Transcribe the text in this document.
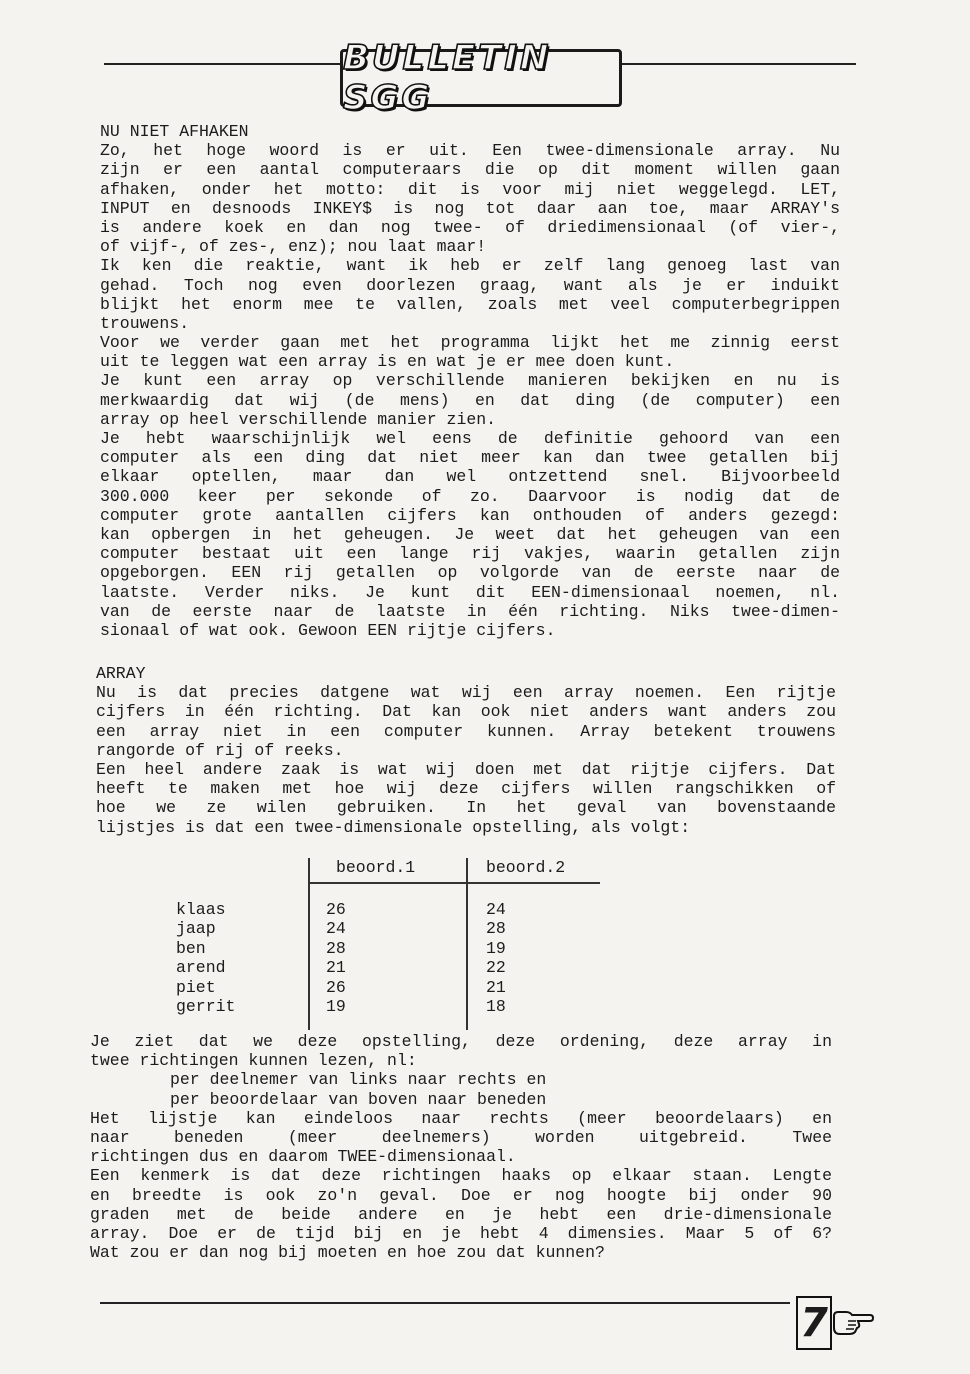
BULLETIN SGG
NU NIET AFHAKEN
Zo, het hoge woord is er uit. Een twee-dimensionale array. Nu
zijn er een aantal computeraars die op dit moment willen gaan
afhaken, onder het motto: dit is voor mij niet weggelegd. LET,
INPUT en desnoods INKEY$ is nog tot daar aan toe, maar ARRAY's
is andere koek en dan nog twee- of driedimensionaal (of vier-,
of vijf-, of zes-, enz); nou laat maar!
Ik ken die reaktie, want ik heb er zelf lang genoeg last van
gehad. Toch nog even doorlezen graag, want als je er induikt
blijkt het enorm mee te vallen, zoals met veel computerbegrippen
trouwens.
Voor we verder gaan met het programma lijkt het me zinnig eerst
uit te leggen wat een array is en wat je er mee doen kunt.
Je kunt een array op verschillende manieren bekijken en nu is
merkwaardig dat wij (de mens) en dat ding (de computer) een
array op heel verschillende manier zien.
Je hebt waarschijnlijk wel eens de definitie gehoord van een
computer als een ding dat niet meer kan dan twee getallen bij
elkaar optellen, maar dan wel ontzettend snel. Bijvoorbeeld
300.000 keer per sekonde of zo. Daarvoor is nodig dat de
computer grote aantallen cijfers kan onthouden of anders gezegd:
kan opbergen in het geheugen. Je weet dat het geheugen van een
computer bestaat uit een lange rij vakjes, waarin getallen zijn
opgeborgen. EEN rij getallen op volgorde van de eerste naar de
laatste. Verder niks. Je kunt dit EEN-dimensionaal noemen, nl.
van de eerste naar de laatste in één richting. Niks twee-dimen-
sionaal of wat ook. Gewoon EEN rijtje cijfers.
ARRAY
Nu is dat precies datgene wat wij een array noemen. Een rijtje
cijfers in één richting. Dat kan ook niet anders want anders zou
een array niet in een computer kunnen. Array betekent trouwens
rangorde of rij of reeks.
Een heel andere zaak is wat wij doen met dat rijtje cijfers. Dat
heeft te maken met hoe wij deze cijfers willen rangschikken of
hoe we ze wilen gebruiken. In het geval van bovenstaande
lijstjes is dat een twee-dimensionale opstelling, als volgt:
beoord.1	beoord.2
klaas
jaap
ben
arend
piet
gerrit
26
24
28
21
26
19
24
28
19
22
21
18
Je ziet dat we deze opstelling, deze ordening, deze array in
twee richtingen kunnen lezen, nl:
per deelnemer van links naar rechts en
per beoordelaar van boven naar beneden
Het lijstje kan eindeloos naar rechts (meer beoordelaars) en
naar beneden (meer deelnemers) worden uitgebreid. Twee
richtingen dus en daarom TWEE-dimensionaal.
Een kenmerk is dat deze richtingen haaks op elkaar staan. Lengte
en breedte is ook zo'n geval. Doe er nog hoogte bij onder 90
graden met de beide andere en je hebt een drie-dimensionale
array. Doe er de tijd bij en je hebt 4 dimensies. Maar 5 of 6?
Wat zou er dan nog bij moeten en hoe zou dat kunnen?
7
